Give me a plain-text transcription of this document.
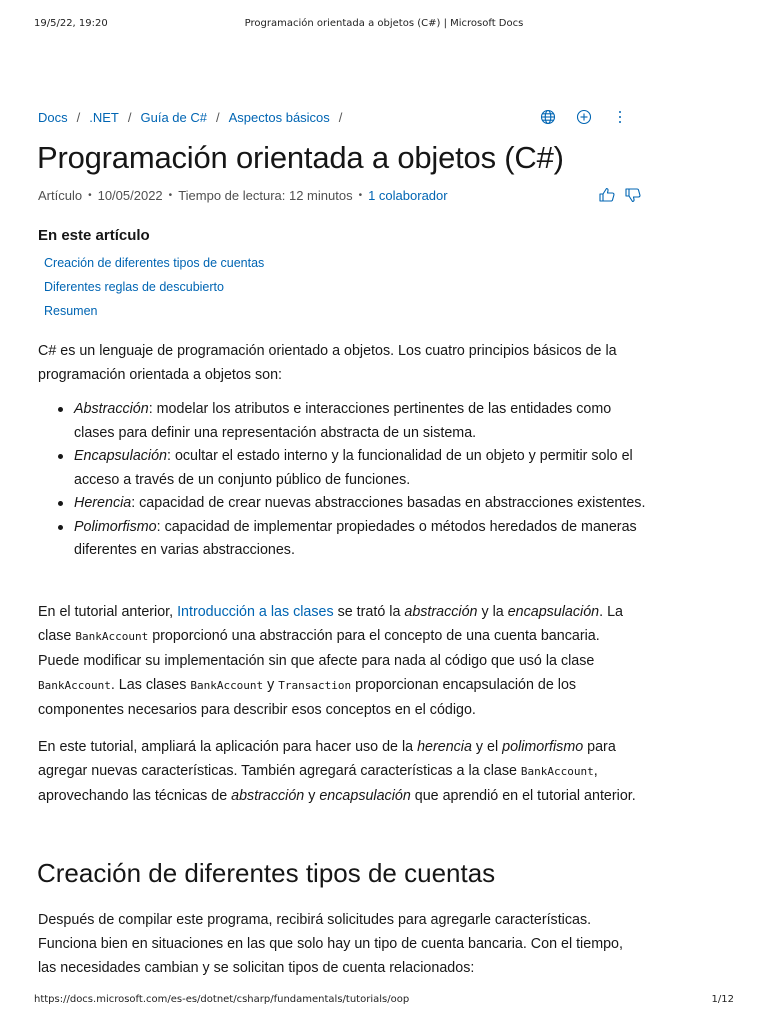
19/5/22, 19:20	Programación orientada a objetos (C#) | Microsoft Docs
Docs / .NET / Guía de C# / Aspectos básicos /
Programación orientada a objetos (C#)
Artículo • 10/05/2022 • Tiempo de lectura: 12 minutos • 1 colaborador
En este artículo
Creación de diferentes tipos de cuentas
Diferentes reglas de descubierto
Resumen

C# es un lenguaje de programación orientado a objetos. Los cuatro principios básicos de la programación orientada a objetos son:

Abstracción: modelar los atributos e interacciones pertinentes de las entidades como clases para definir una representación abstracta de un sistema.
Encapsulación: ocultar el estado interno y la funcionalidad de un objeto y permitir solo el acceso a través de un conjunto público de funciones.
Herencia: capacidad de crear nuevas abstracciones basadas en abstracciones existentes.
Polimorfismo: capacidad de implementar propiedades o métodos heredados de maneras diferentes en varias abstracciones.

En el tutorial anterior, Introducción a las clases se trató la abstracción y la encapsulación. La clase BankAccount proporcionó una abstracción para el concepto de una cuenta bancaria. Puede modificar su implementación sin que afecte para nada al código que usó la clase BankAccount. Las clases BankAccount y Transaction proporcionan encapsulación de los componentes necesarios para describir esos conceptos en el código.

En este tutorial, ampliará la aplicación para hacer uso de la herencia y el polimorfismo para agregar nuevas características. También agregará características a la clase BankAccount, aprovechando las técnicas de abstracción y encapsulación que aprendió en el tutorial anterior.

Creación de diferentes tipos de cuentas

Después de compilar este programa, recibirá solicitudes para agregarle características. Funciona bien en situaciones en las que solo hay un tipo de cuenta bancaria. Con el tiempo, las necesidades cambian y se solicitan tipos de cuenta relacionados:

https://docs.microsoft.com/es-es/dotnet/csharp/fundamentals/tutorials/oop	1/12
